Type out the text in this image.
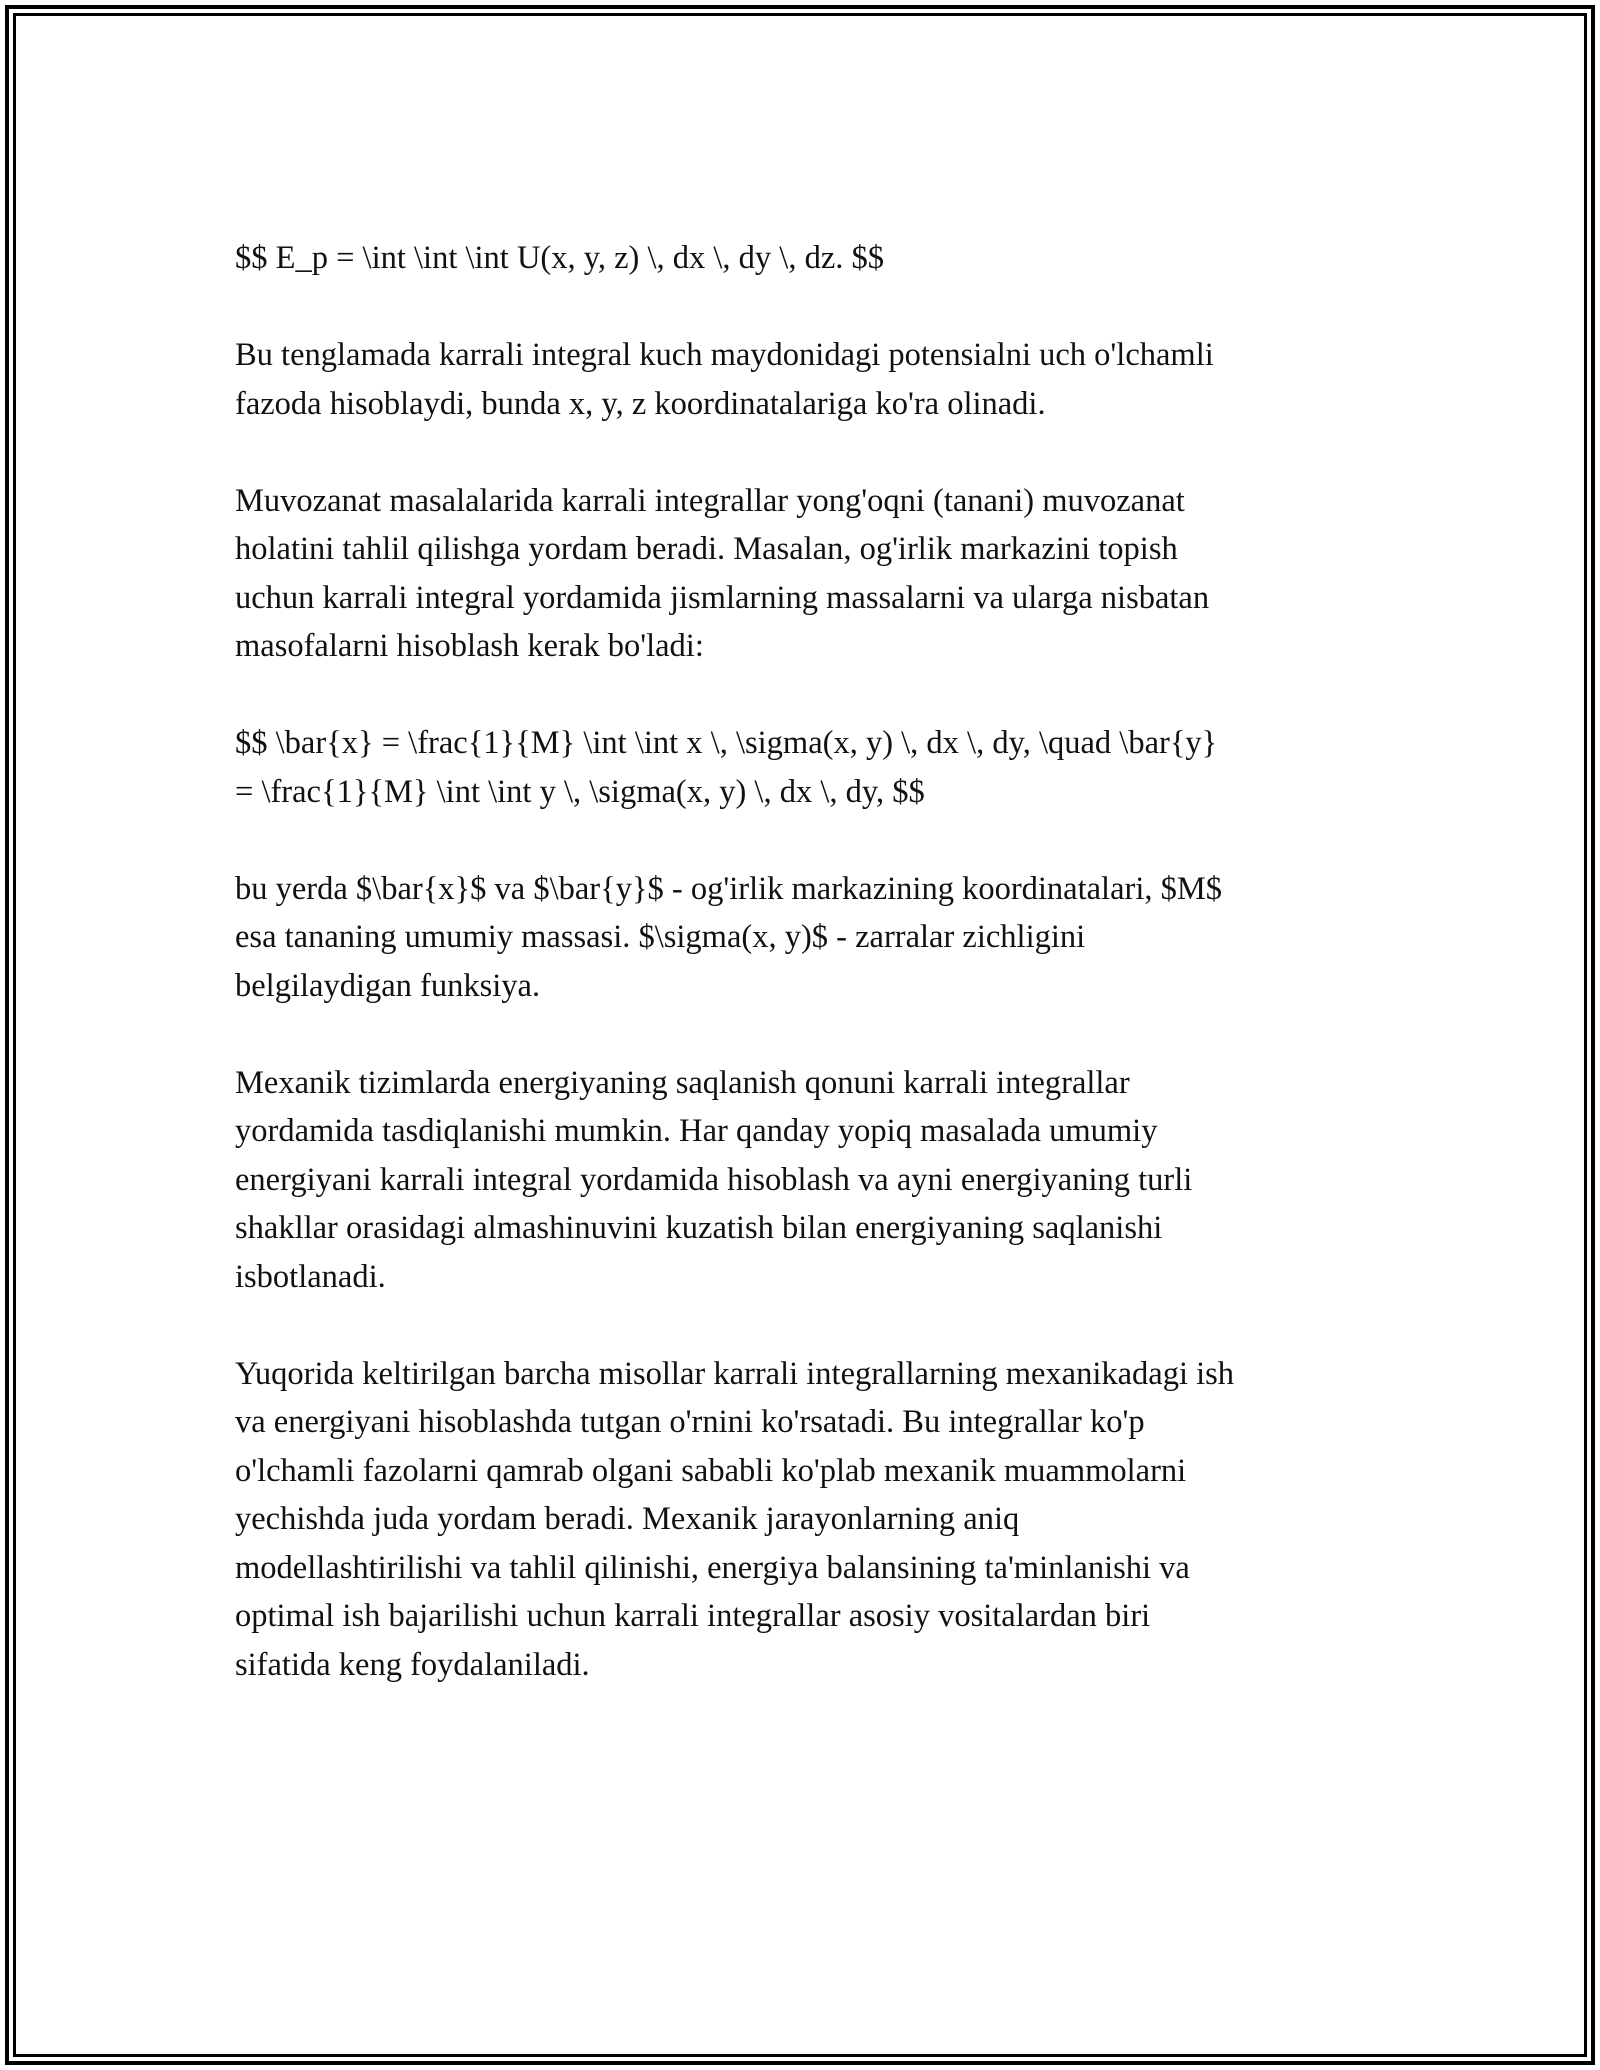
$$ E_p = \int \int \int U(x, y, z) \, dx \, dy \, dz. $$

Bu tenglamada karrali integral kuch maydonidagi potensialni uch o'lchamli
fazoda hisoblaydi, bunda x, y, z koordinatalariga ko'ra olinadi.

Muvozanat masalalarida karrali integrallar yong'oqni (tanani) muvozanat
holatini tahlil qilishga yordam beradi. Masalan, og'irlik markazini topish
uchun karrali integral yordamida jismlarning massalarni va ularga nisbatan
masofalarni hisoblash kerak bo'ladi:

$$ \bar{x} = \frac{1}{M} \int \int x \, \sigma(x, y) \, dx \, dy, \quad \bar{y}
= \frac{1}{M} \int \int y \, \sigma(x, y) \, dx \, dy, $$

bu yerda $\bar{x}$ va $\bar{y}$ - og'irlik markazining koordinatalari, $M$
esa tananing umumiy massasi. $\sigma(x, y)$ - zarralar zichligini
belgilaydigan funksiya.

Mexanik tizimlarda energiyaning saqlanish qonuni karrali integrallar
yordamida tasdiqlanishi mumkin. Har qanday yopiq masalada umumiy
energiyani karrali integral yordamida hisoblash va ayni energiyaning turli
shakllar orasidagi almashinuvini kuzatish bilan energiyaning saqlanishi
isbotlanadi.

Yuqorida keltirilgan barcha misollar karrali integrallarning mexanikadagi ish
va energiyani hisoblashda tutgan o'rnini ko'rsatadi. Bu integrallar ko'p
o'lchamli fazolarni qamrab olgani sababli ko'plab mexanik muammolarni
yechishda juda yordam beradi. Mexanik jarayonlarning aniq
modellashtirilishi va tahlil qilinishi, energiya balansining ta'minlanishi va
optimal ish bajarilishi uchun karrali integrallar asosiy vositalardan biri
sifatida keng foydalaniladi.
